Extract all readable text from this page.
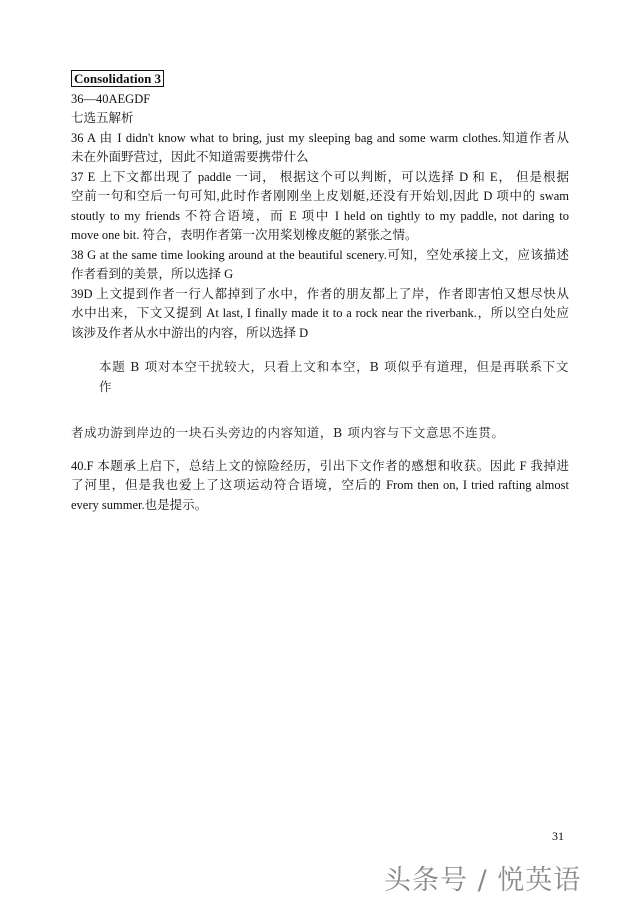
Consolidation 3
36—40AEGDF
七选五解析
36 A 由 I didn't know what to bring, just my sleeping bag and some warm clothes.知道作者从
未在外面野营过，因此不知道需要携带什么
37 E 上下文都出现了 paddle 一词， 根据这个可以判断，可以选择 D 和 E， 但是根据
空前一句和空后一句可知,此时作者刚刚坐上皮划艇,还没有开始划,因此 D 项中的 swam
stoutly to my friends 不符合语境，而 E 项中 I held on tightly to my paddle, not daring to
move one bit. 符合，表明作者第一次用桨划橡皮艇的紧张之情。
38 G at the same time looking around at the beautiful scenery.可知，空处承接上文，应该描述
作者看到的美景，所以选择 G
39D 上文提到作者一行人都掉到了水中，作者的朋友都上了岸，作者即害怕又想尽快从
水中出来，下文又提到 At last, I finally made it to a rock near the riverbank.，所以空白处应
该涉及作者从水中游出的内容，所以选择 D
本题 B 项对本空干扰较大，只看上文和本空，B 项似乎有道理，但是再联系下文作
者成功游到岸边的一块石头旁边的内容知道，B 项内容与下文意思不连贯。
40.F 本题承上启下，总结上文的惊险经历，引出下文作者的感想和收获。因此 F 我掉进
了河里，但是我也爱上了这项运动符合语境，空后的 From then on, I tried rafting almost
every summer.也是提示。
31
头条号 / 悦英语
